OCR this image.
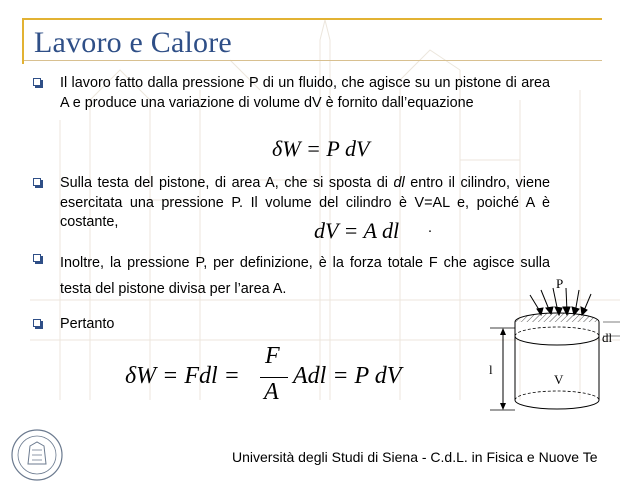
Lavoro e Calore
Il lavoro fatto dalla pressione P di un fluido, che agisce su un pistone di area A e produce una variazione di volume dV è fornito dall’equazione
δW = P dV
Sulla testa del pistone, di area A, che si sposta di dl entro il cilindro, viene esercitata una pressione P. Il volume del cilindro è V=AL e, poiché A è costante,	dV = A dl .
Inoltre, la pressione P, per definizione, è la forza totale F che agisce sulla testa del pistone divisa per l’area A.
Pertanto
δW = Fdl =
F
A
Adl = P dV
P
dl
l
V
Università degli Studi di Siena - C.d.L. in Fisica e Nuove Te
